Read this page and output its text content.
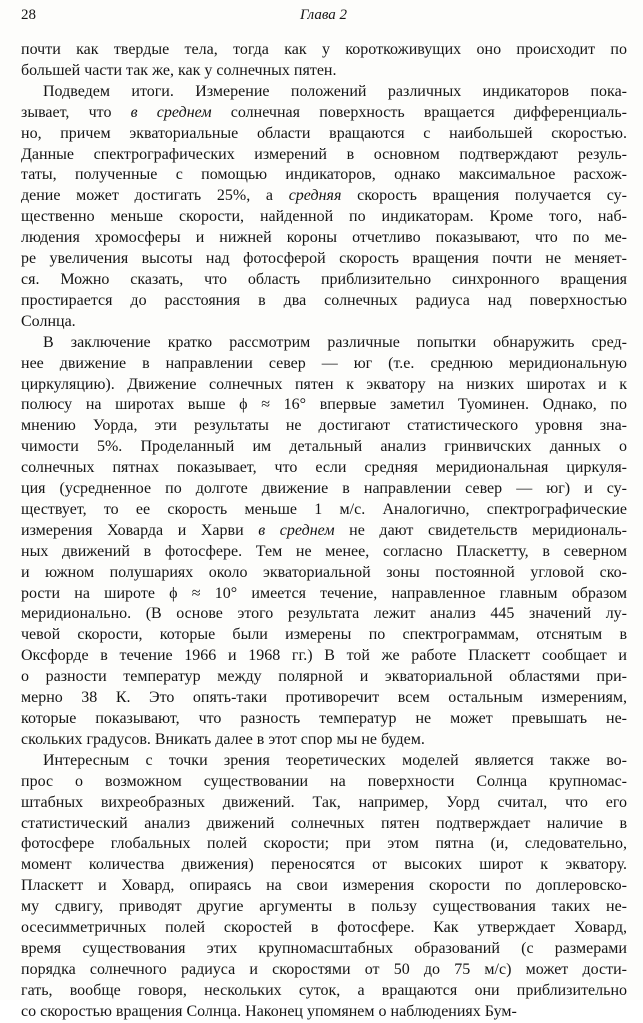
28	Глава 2
почти как твердые тела, тогда как у короткоживущих оно происходит по
большей части так же, как у солнечных пятен.
Подведем итоги. Измерение положений различных индикаторов пока-
зывает, что в среднем солнечная поверхность вращается дифференциаль-
но, причем экваториальные области вращаются с наибольшей скоростью.
Данные спектрографических измерений в основном подтверждают резуль-
таты, полученные с помощью индикаторов, однако максимальное расхож-
дение может достигать 25%, а средняя скорость вращения получается су-
щественно меньше скорости, найденной по индикаторам. Кроме того, наб-
людения хромосферы и нижней короны отчетливо показывают, что по ме-
ре увеличения высоты над фотосферой скорость вращения почти не меняет-
ся. Можно сказать, что область приблизительно синхронного вращения
простирается до расстояния в два солнечных радиуса над поверхностью
Солнца.
В заключение кратко рассмотрим различные попытки обнаружить сред-
нее движение в направлении север — юг (т.е. среднюю меридиональную
циркуляцию). Движение солнечных пятен к экватору на низких широтах и к
полюсу на широтах выше ϕ ≈ 16° впервые заметил Туоминен. Однако, по
мнению Уорда, эти результаты не достигают статистического уровня зна-
чимости 5%. Проделанный им детальный анализ гринвичских данных о
солнечных пятнах показывает, что если средняя меридиональная циркуля-
ция (усредненное по долготе движение в направлении север — юг) и су-
ществует, то ее скорость меньше 1 м/с. Аналогично, спектрографические
измерения Ховарда и Харви в среднем не дают свидетельств меридиональ-
ных движений в фотосфере. Тем не менее, согласно Пласкетту, в северном
и южном полушариях около экваториальной зоны постоянной угловой ско-
рости на широте ϕ ≈ 10° имеется течение, направленное главным образом
меридионально. (В основе этого результата лежит анализ 445 значений лу-
чевой скорости, которые были измерены по спектрограммам, отснятым в
Оксфорде в течение 1966 и 1968 гг.) В той же работе Пласкетт сообщает и
о разности температур между полярной и экваториальной областями при-
мерно 38 К. Это опять-таки противоречит всем остальным измерениям,
которые показывают, что разность температур не может превышать не-
скольких градусов. Вникать далее в этот спор мы не будем.
Интересным с точки зрения теоретических моделей является также во-
прос о возможном существовании на поверхности Солнца крупномас-
штабных вихреобразных движений. Так, например, Уорд считал, что его
статистический анализ движений солнечных пятен подтверждает наличие в
фотосфере глобальных полей скорости; при этом пятна (и, следовательно,
момент количества движения) переносятся от высоких широт к экватору.
Пласкетт и Ховард, опираясь на свои измерения скорости по доплеровско-
му сдвигу, приводят другие аргументы в пользу существования таких не-
осесимметричных полей скоростей в фотосфере. Как утверждает Ховард,
время существования этих крупномасштабных образований (с размерами
порядка солнечного радиуса и скоростями от 50 до 75 м/с) может дости-
гать, вообще говоря, нескольких суток, а вращаются они приблизительно
со скоростью вращения Солнца. Наконец упомянем о наблюдениях Бум-
